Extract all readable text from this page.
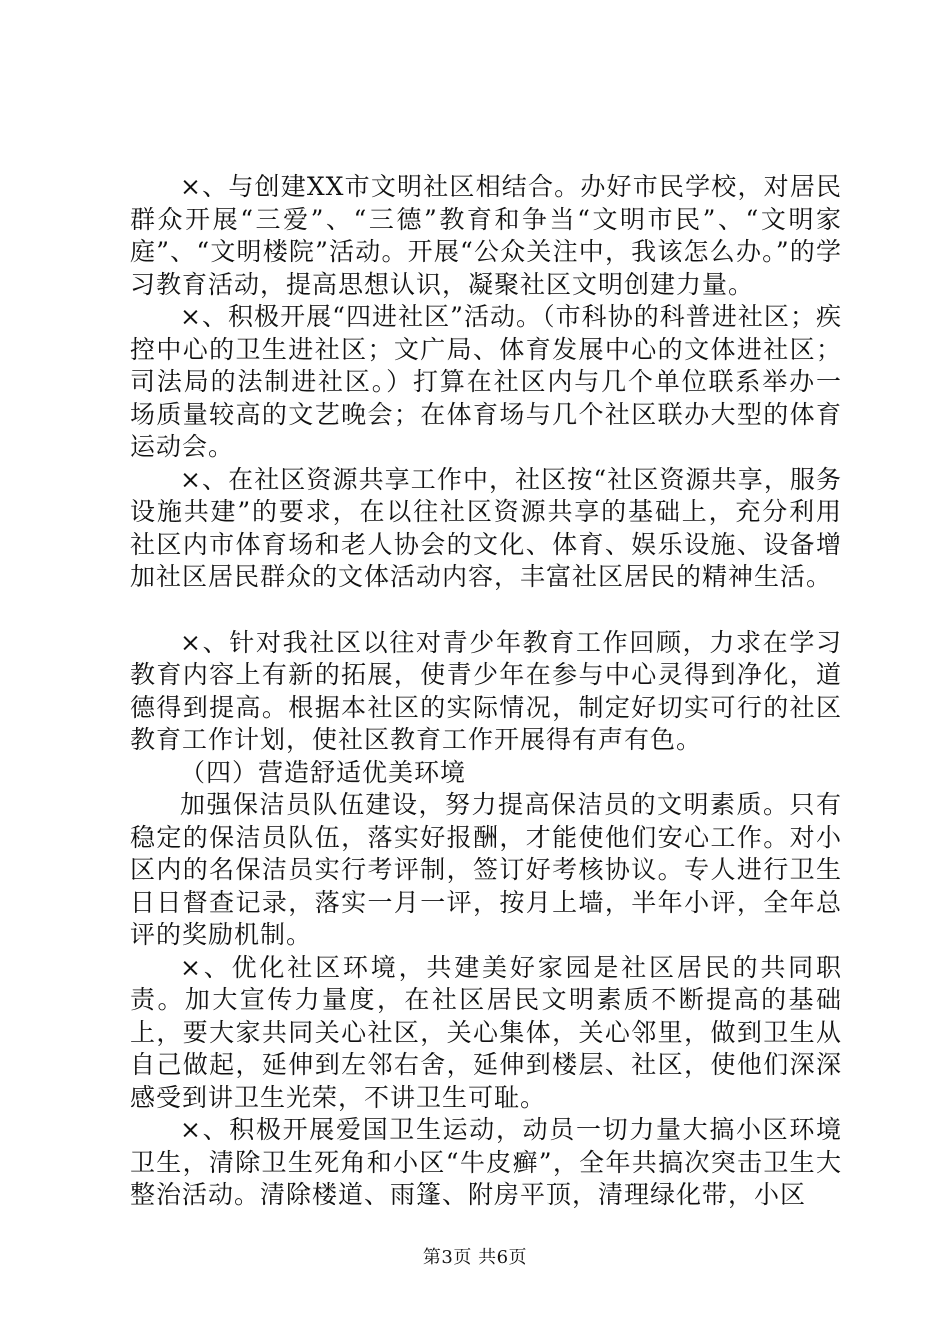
×、与创建XX市文明社区相结合。办好市民学校，对居民群众开展“三爱”、“三德”教育和争当“文明市民”、“文明家庭”、“文明楼院”活动。开展“公众关注中，我该怎么办。”的学习教育活动，提高思想认识，凝聚社区文明创建力量。

×、积极开展“四进社区”活动。（市科协的科普进社区；疾控中心的卫生进社区；文广局、体育发展中心的文体进社区；司法局的法制进社区。）打算在社区内与几个单位联系举办一场质量较高的文艺晚会；在体育场与几个社区联办大型的体育运动会。

×、在社区资源共享工作中，社区按“社区资源共享，服务设施共建”的要求，在以往社区资源共享的基础上，充分利用社区内市体育场和老人协会的文化、体育、娱乐设施、设备增加社区居民群众的文体活动内容，丰富社区居民的精神生活。

×、针对我社区以往对青少年教育工作回顾，力求在学习教育内容上有新的拓展，使青少年在参与中心灵得到净化，道德得到提高。根据本社区的实际情况，制定好切实可行的社区教育工作计划，使社区教育工作开展得有声有色。

（四）营造舒适优美环境

加强保洁员队伍建设，努力提高保洁员的文明素质。只有稳定的保洁员队伍，落实好报酬，才能使他们安心工作。对小区内的名保洁员实行考评制，签订好考核协议。专人进行卫生日日督查记录，落实一月一评，按月上墙，半年小评，全年总评的奖励机制。

×、优化社区环境，共建美好家园是社区居民的共同职责。加大宣传力量度，在社区居民文明素质不断提高的基础上，要大家共同关心社区，关心集体，关心邻里，做到卫生从自己做起，延伸到左邻右舍，延伸到楼层、社区，使他们深深感受到讲卫生光荣，不讲卫生可耻。

×、积极开展爱国卫生运动，动员一切力量大搞小区环境卫生，清除卫生死角和小区“牛皮癣”，全年共搞次突击卫生大整治活动。清除楼道、雨篷、附房平顶，清理绿化带，小区

第3页 共6页
